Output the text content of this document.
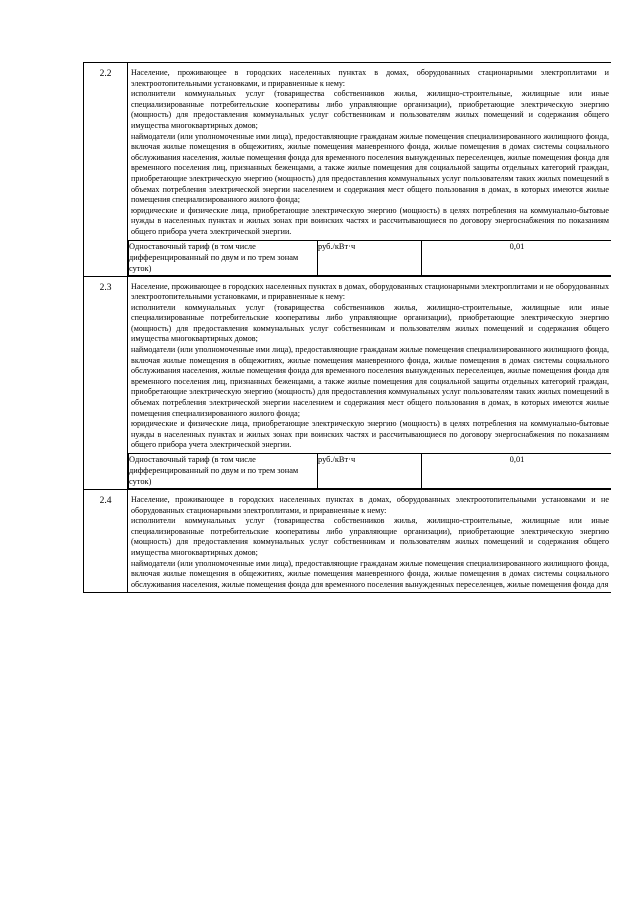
2.2	Население, проживающее в городских населенных пунктах в домах, оборудованных стационарными электроплитами и электроотопительными установками, и приравненные к нему:

исполнители коммунальных услуг (товарищества собственников жилья, жилищно-строительные, жилищные или иные специализированные потребительские кооперативы либо управляющие организации), приобретающие электрическую энергию (мощность) для предоставления коммунальных услуг собственникам и пользователям жилых помещений и содержания общего имущества многоквартирных домов;

наймодатели (или уполномоченные ими лица), предоставляющие гражданам жилые помещения специализированного жилищного фонда, включая жилые помещения в общежитиях, жилые помещения маневренного фонда, жилые помещения в домах системы социального обслуживания населения, жилые помещения фонда для временного поселения вынужденных переселенцев, жилые помещения фонда для временного поселения лиц, признанных беженцами, а также жилые помещения для социальной защиты отдельных категорий граждан, приобретающие электрическую энергию (мощность) для предоставления коммунальных услуг пользователям таких жилых помещений в объемах потребления электрической энергии населением и содержания мест общего пользования в домах, в которых имеются жилые помещения специализированного жилого фонда;

юридические и физические лица, приобретающие электрическую энергию (мощность) в целях потребления на коммунально-бытовые нужды в населенных пунктах и жилых зонах при воинских частях и рассчитывающиеся по договору энергоснабжения по показаниям общего прибора учета электрической энергии.

Одноставочный тариф (в том числе дифференцированный по двум и по трем зонам суток)	руб./кВт·ч	0,01

2.3	Население, проживающее в городских населенных пунктах в домах, оборудованных стационарными электроплитами и не оборудованных электроотопительными установками, и приравненные к нему:

исполнители коммунальных услуг (товарищества собственников жилья, жилищно-строительные, жилищные или иные специализированные потребительские кооперативы либо управляющие организации), приобретающие электрическую энергию (мощность) для предоставления коммунальных услуг собственникам и пользователям жилых помещений и содержания общего имущества многоквартирных домов;

наймодатели (или уполномоченные ими лица), предоставляющие гражданам жилые помещения специализированного жилищного фонда, включая жилые помещения в общежитиях, жилые помещения маневренного фонда, жилые помещения в домах системы социального обслуживания населения, жилые помещения фонда для временного поселения вынужденных переселенцев, жилые помещения фонда для временного поселения лиц, признанных беженцами, а также жилые помещения для социальной защиты отдельных категорий граждан, приобретающие электрическую энергию (мощность) для предоставления коммунальных услуг пользователям таких жилых помещений в объемах потребления электрической энергии населением и содержания мест общего пользования в домах, в которых имеются жилые помещения специализированного жилого фонда;

юридические и физические лица, приобретающие электрическую энергию (мощность) в целях потребления на коммунально-бытовые нужды в населенных пунктах и жилых зонах при воинских частях и рассчитывающиеся по договору энергоснабжения по показаниям общего прибора учета электрической энергии.

Одноставочный тариф (в том числе дифференцированный по двум и по трем зонам суток)	руб./кВт·ч	0,01

2.4	Население, проживающее в городских населенных пунктах в домах, оборудованных электроотопительными установками и не оборудованных стационарными электроплитами, и приравненные к нему:

исполнители коммунальных услуг (товарищества собственников жилья, жилищно-строительные, жилищные или иные специализированные потребительские кооперативы либо управляющие организации), приобретающие электрическую энергию (мощность) для предоставления коммунальных услуг собственникам и пользователям жилых помещений и содержания общего имущества многоквартирных домов;

наймодатели (или уполномоченные ими лица), предоставляющие гражданам жилые помещения специализированного жилищного фонда, включая жилые помещения в общежитиях, жилые помещения маневренного фонда, жилые помещения в домах системы социального обслуживания населения, жилые помещения фонда для временного поселения вынужденных переселенцев, жилые помещения фонда для
